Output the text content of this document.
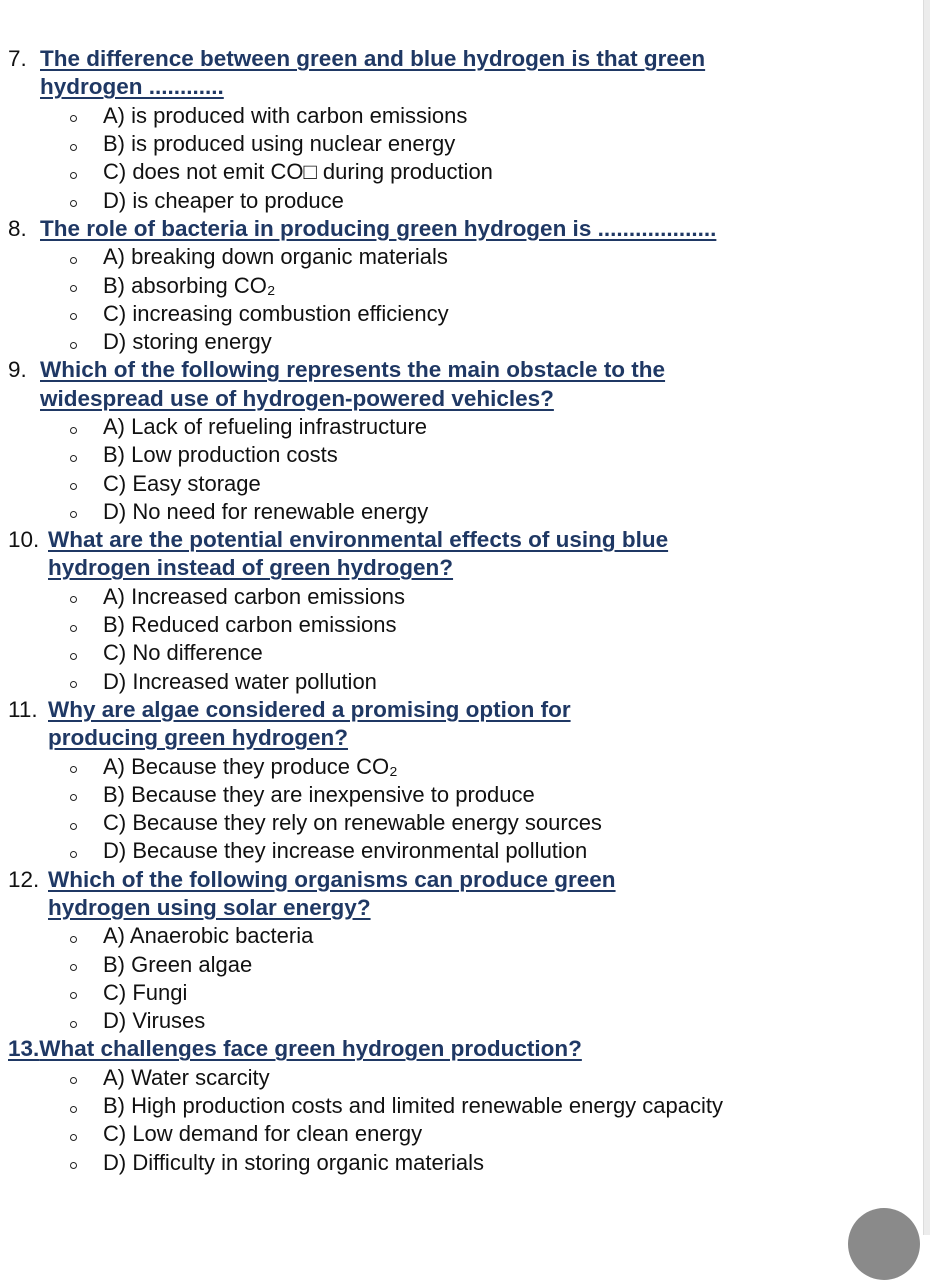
7. The difference between green and blue hydrogen is that green hydrogen ............
A) is produced with carbon emissions
B) is produced using nuclear energy
C) does not emit CO□ during production
D) is cheaper to produce
8. The role of bacteria in producing green hydrogen is ...................
A) breaking down organic materials
B) absorbing CO₂
C) increasing combustion efficiency
D) storing energy
9. Which of the following represents the main obstacle to the widespread use of hydrogen-powered vehicles?
A) Lack of refueling infrastructure
B) Low production costs
C) Easy storage
D) No need for renewable energy
10. What are the potential environmental effects of using blue hydrogen instead of green hydrogen?
A) Increased carbon emissions
B) Reduced carbon emissions
C) No difference
D) Increased water pollution
11. Why are algae considered a promising option for producing green hydrogen?
A) Because they produce CO₂
B) Because they are inexpensive to produce
C) Because they rely on renewable energy sources
D) Because they increase environmental pollution
12. Which of the following organisms can produce green hydrogen using solar energy?
A) Anaerobic bacteria
B) Green algae
C) Fungi
D) Viruses
13. What challenges face green hydrogen production?
A) Water scarcity
B) High production costs and limited renewable energy capacity
C) Low demand for clean energy
D) Difficulty in storing organic materials
